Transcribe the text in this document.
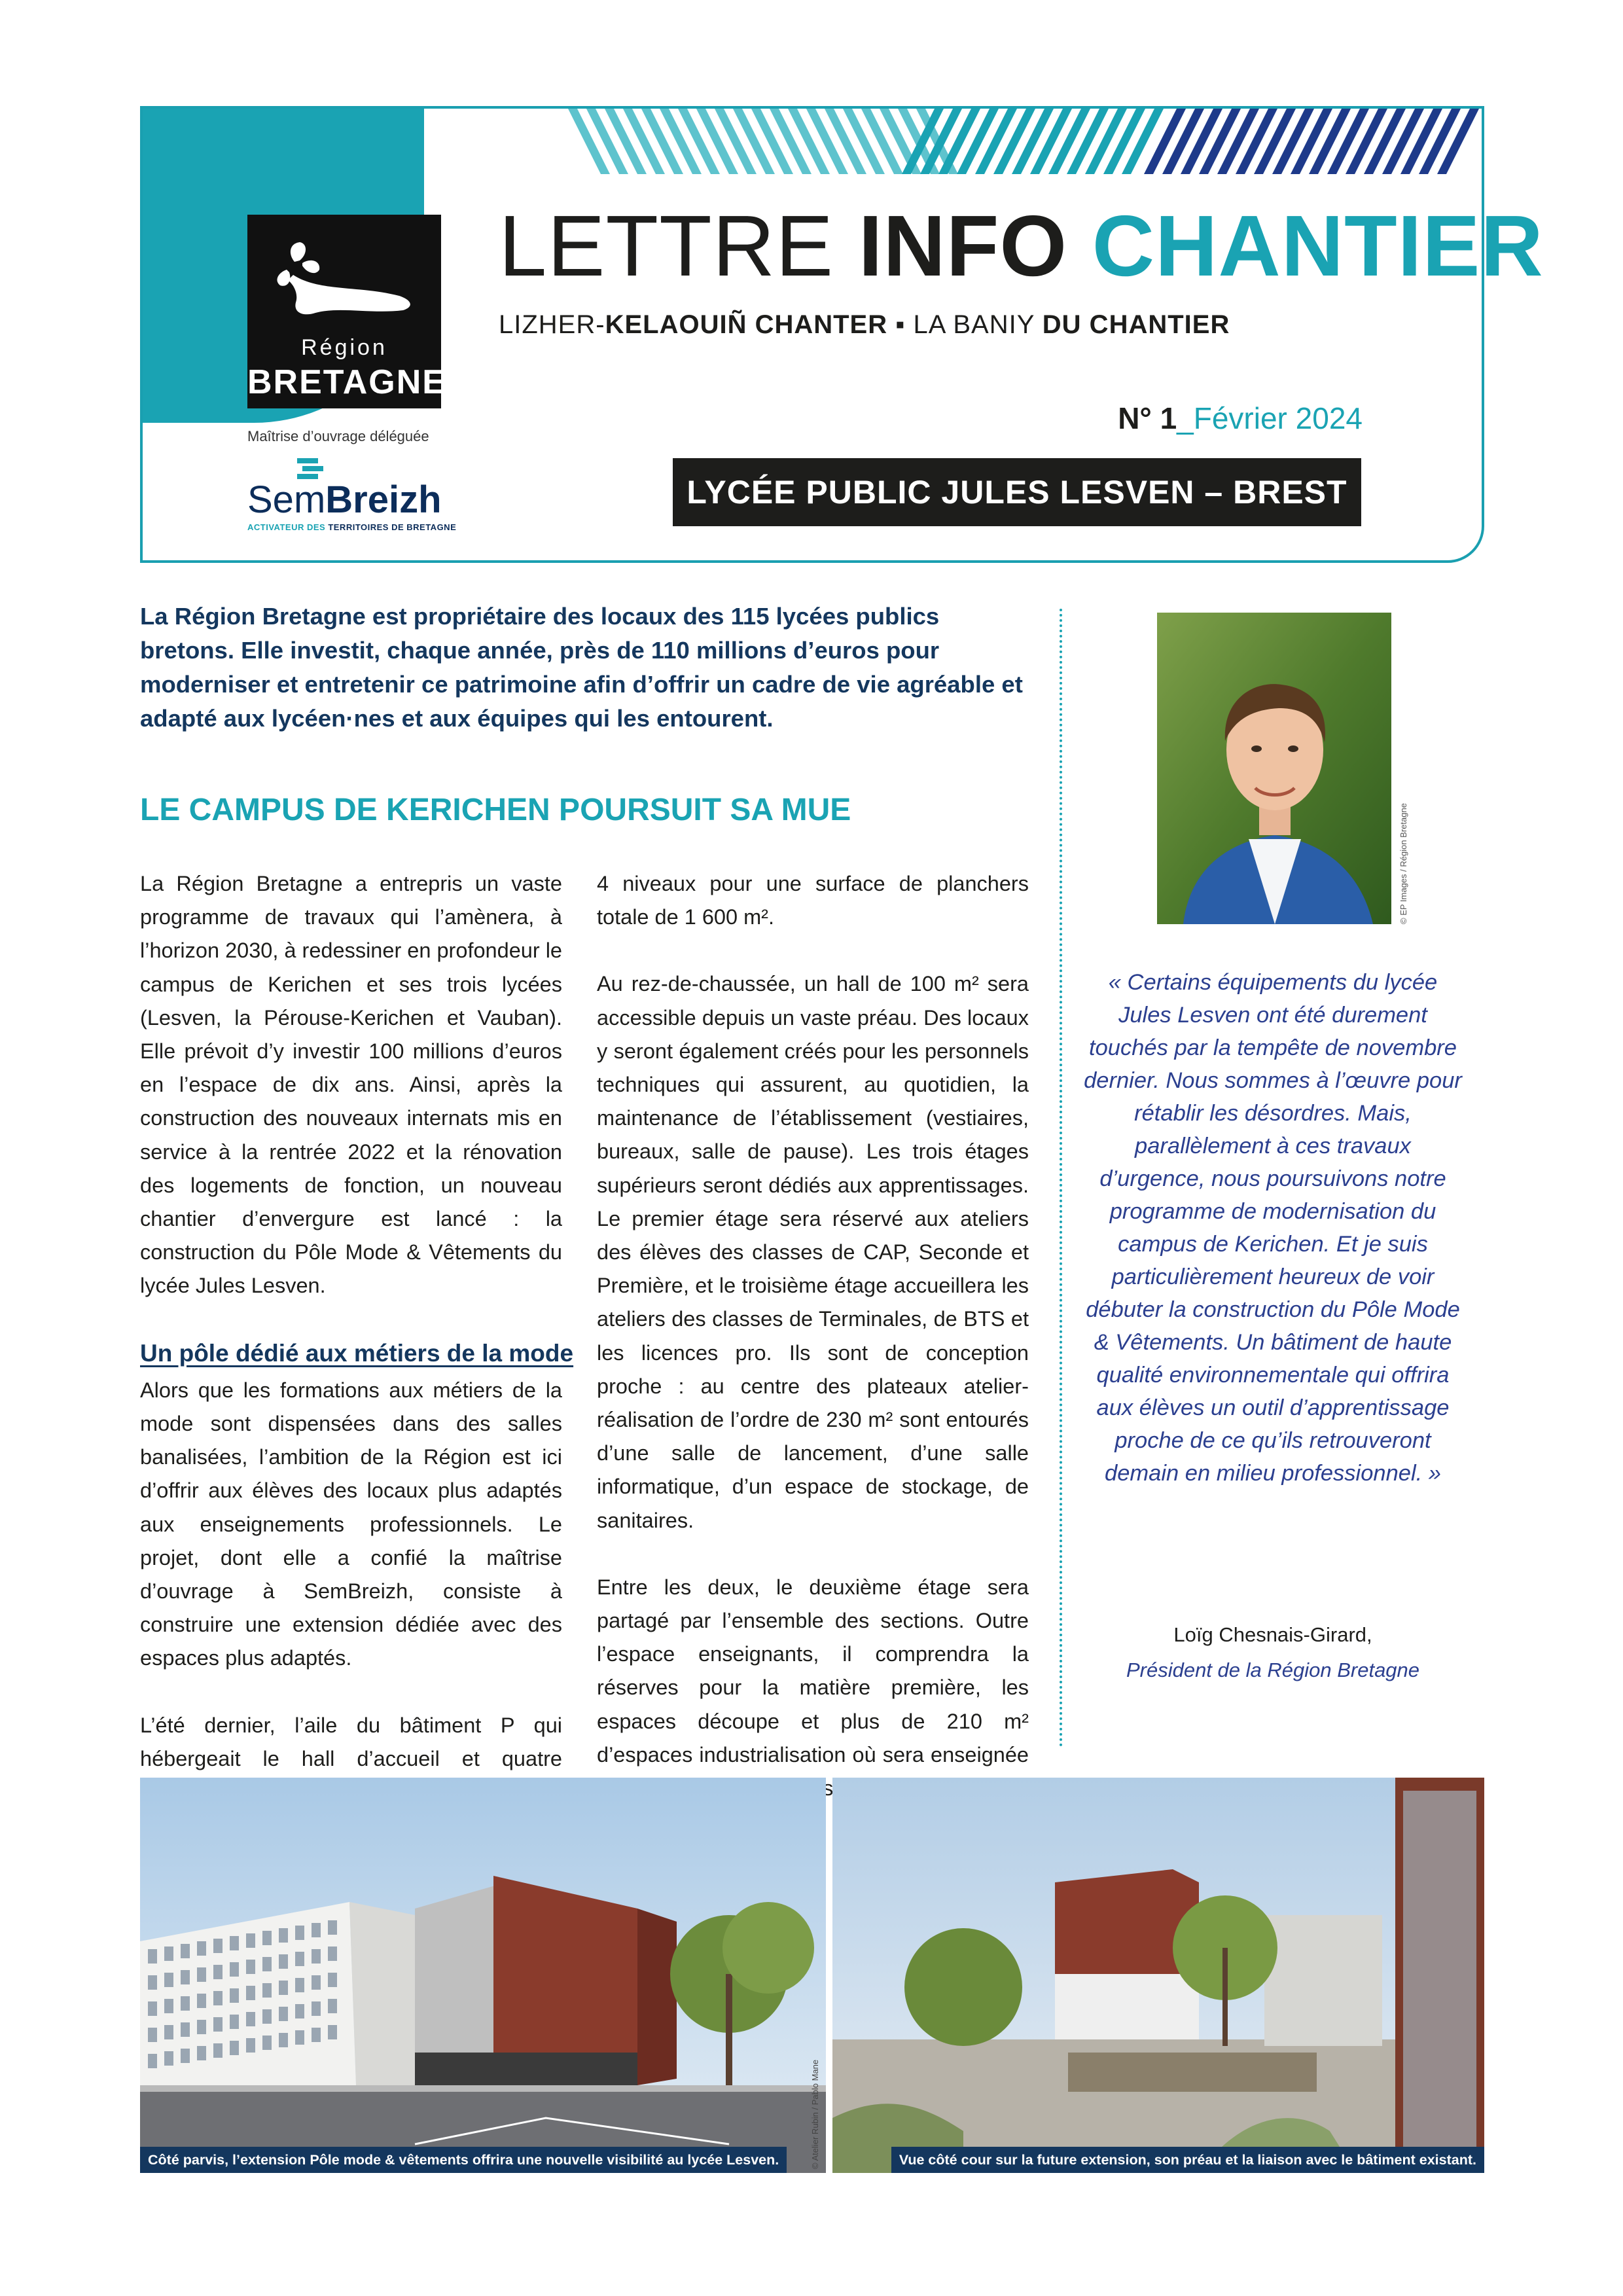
Région
BRETAGNE
Maîtrise d’ouvrage déléguée
SemBreizh
ACTIVATEUR DES TERRITOIRES DE BRETAGNE
LETTRE INFO CHANTIER
LIZHER-KELAOUIÑ CHANTER ▪ LA BANIY DU CHANTIER
N° 1_Février 2024
LYCÉE PUBLIC JULES LESVEN – BREST
La Région Bretagne est propriétaire des locaux des 115 lycées publics bretons. Elle investit, chaque année, près de 110 millions d’euros pour moderniser et entretenir ce patrimoine afin d’offrir un cadre de vie agréable et adapté aux lycéen·nes et aux équipes qui les entourent.
LE CAMPUS DE KERICHEN POURSUIT SA MUE

La Région Bretagne a entrepris un vaste programme de travaux qui l’amènera, à l’horizon 2030, à redessiner en profondeur le campus de Kerichen et ses trois lycées (Lesven, la Pérouse-Kerichen et Vauban). Elle prévoit d’y investir 100 millions d’euros en l’espace de dix ans. Ainsi, après la construction des nouveaux internats mis en service à la rentrée 2022 et la rénovation des logements de fonction, un nouveau chantier d’envergure est lancé : la construction du Pôle Mode & Vêtements du lycée Jules Lesven.

Un pôle dédié aux métiers de la mode

Alors que les formations aux métiers de la mode sont dispensées dans des salles banalisées, l’ambition de la Région est ici d’offrir aux élèves des locaux plus adaptés aux enseignements professionnels. Le projet, dont elle a confié la maîtrise d’ouvrage à SemBreizh, consiste à construire une extension dédiée avec des espaces plus adaptés.

L’été dernier, l’aile du bâtiment P qui hébergeait le hall d’accueil et quatre

4 niveaux pour une surface de planchers totale de 1 600 m².

Au rez-de-chaussée, un hall de 100 m² sera accessible depuis un vaste préau. Des locaux y seront également créés pour les personnels techniques qui assurent, au quotidien, la maintenance de l’établissement (vestiaires, bureaux, salle de pause). Les trois étages supérieurs seront dédiés aux apprentissages. Le premier étage sera réservé aux ateliers des élèves des classes de CAP, Seconde et Première, et le troisième étage accueillera les ateliers des classes de Terminales, de BTS et les licences pro. Ils sont de conception proche : au centre des plateaux atelier-réalisation de l’ordre de 230 m² sont entourés d’une salle de lancement, d’une salle informatique, d’un espace de stockage, de sanitaires.

Entre les deux, le deuxième étage sera partagé par l’ensemble des sections. Outre l’espace enseignants, il comprendra la réserves pour la matière première, les espaces découpe et plus de 210 m² d’espaces industrialisation où sera enseignée

© EP Images / Région Bretagne
« Certains équipements du lycée Jules Lesven ont été durement touchés par la tempête de novembre dernier. Nous sommes à l’œuvre pour rétablir les désordres. Mais, parallèlement à ces travaux d’urgence, nous poursuivons notre programme de modernisation du campus de Kerichen. Et je suis particulièrement heureux de voir débuter la construction du Pôle Mode & Vêtements. Un bâtiment de haute qualité environnementale qui offrira aux élèves un outil d’apprentissage proche de ce qu’ils retrouveront demain en milieu professionnel. »
Loïg Chesnais-Girard,
Président de la Région Bretagne
Côté parvis, l’extension Pôle mode & vêtements offrira une nouvelle visibilité au lycée Lesven.	© Atelier Rubin / Pablo Mane	Vue côté cour sur la future extension, son préau et la liaison avec le bâtiment existant.
